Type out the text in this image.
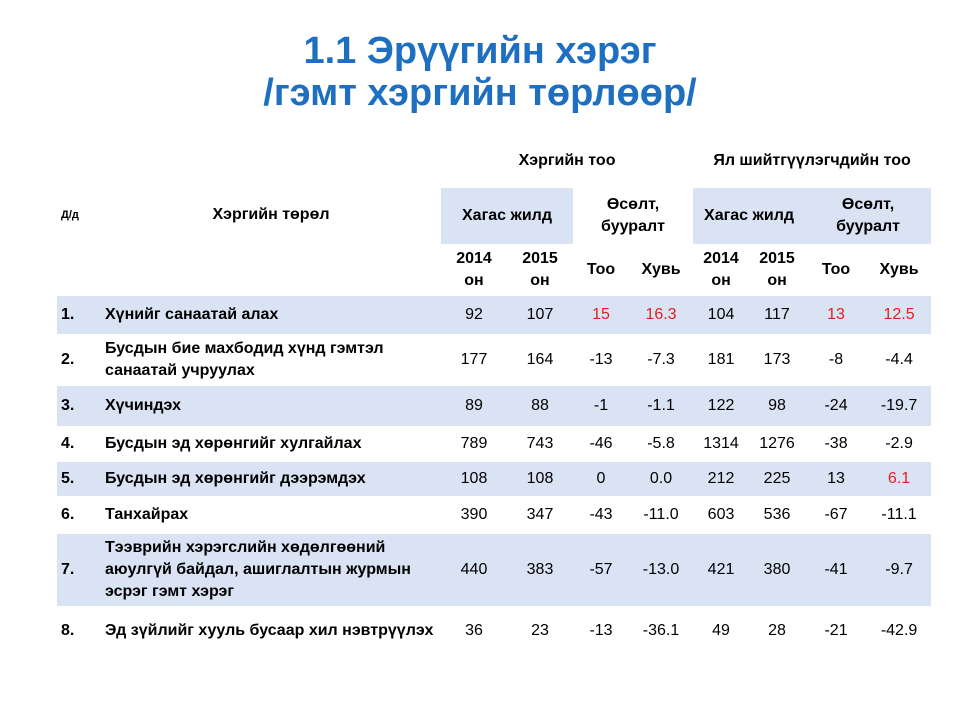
1.1 Эрүүгийн хэрэг
/гэмт хэргийн төрлөөр/
Д/д	Хэргийн төрөл	Хэргийн тоо				Ял шийтгүүлэгчдийн тоо			
		Хагас жилд		Өсөлт, бууралт		Хагас жилд		Өсөлт, бууралт	
		2014 он	2015 он	Тоо	Хувь	2014 он	2015 он	Тоо	Хувь
1.	Хүнийг санаатай алах	92	107	15	16.3	104	117	13	12.5
2.	Бусдын бие махбодид хүнд гэмтэл санаатай учруулах	177	164	-13	-7.3	181	173	-8	-4.4
3.	Хүчиндэх	89	88	-1	-1.1	122	98	-24	-19.7
4.	Бусдын эд хөрөнгийг хулгайлах	789	743	-46	-5.8	1314	1276	-38	-2.9
5.	Бусдын эд хөрөнгийг дээрэмдэх	108	108	0	0.0	212	225	13	6.1
6.	Танхайрах	390	347	-43	-11.0	603	536	-67	-11.1
7.	Тээврийн хэрэгслийн хөдөлгөөний аюулгүй байдал, ашиглалтын журмын эсрэг гэмт хэрэг	440	383	-57	-13.0	421	380	-41	-9.7
8.	Эд зүйлийг хууль бусаар хил нэвтрүүлэх	36	23	-13	-36.1	49	28	-21	-42.9
